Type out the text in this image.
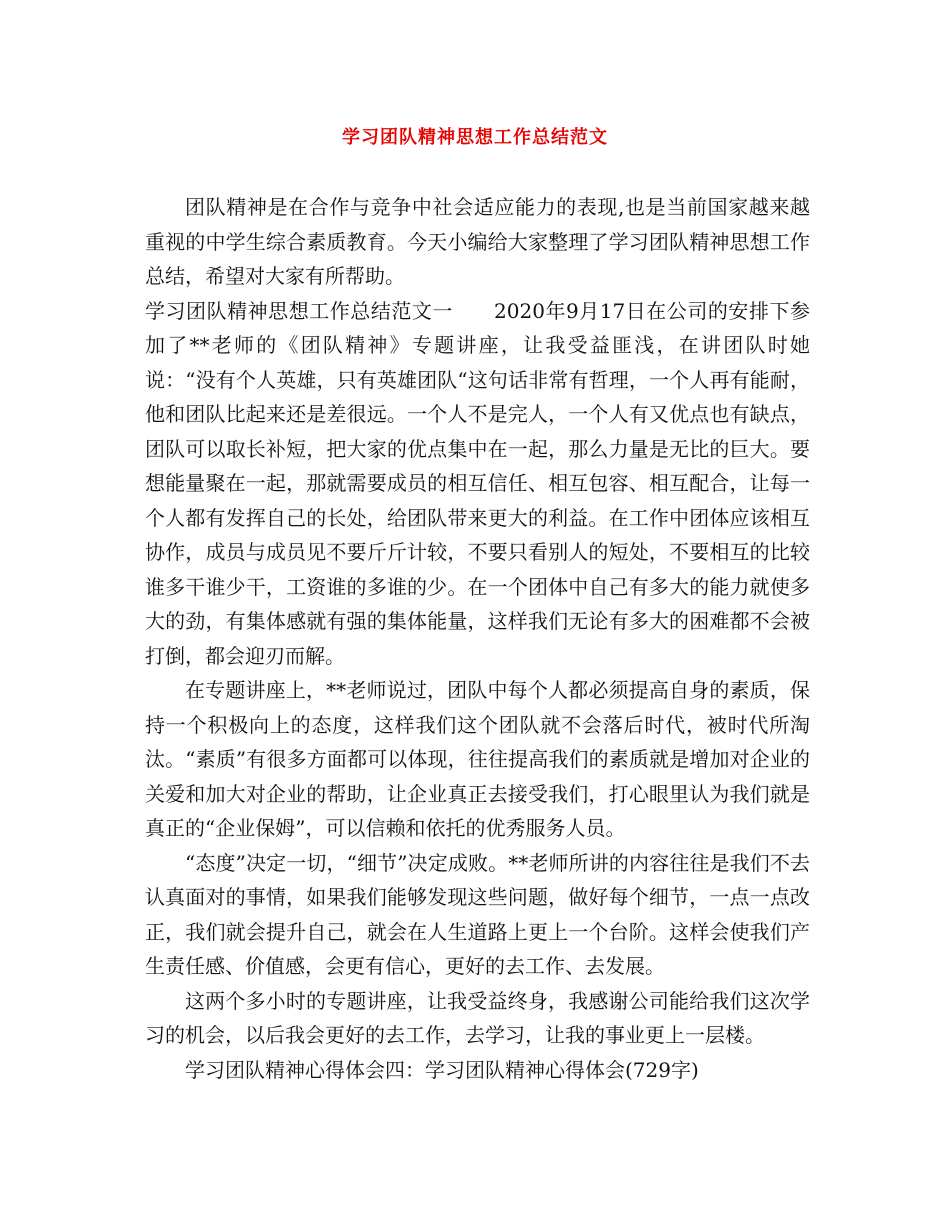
学习团队精神思想工作总结范文

团队精神是在合作与竞争中社会适应能力的表现,也是当前国家越来越重视的中学生综合素质教育。今天小编给大家整理了学习团队精神思想工作总结，希望对大家有所帮助。

学习团队精神思想工作总结范文一　　2020年9月17日在公司的安排下参加了**老师的《团队精神》专题讲座，让我受益匪浅，在讲团队时她说：“没有个人英雄，只有英雄团队“这句话非常有哲理，一个人再有能耐，他和团队比起来还是差很远。一个人不是完人，一个人有又优点也有缺点，团队可以取长补短，把大家的优点集中在一起，那么力量是无比的巨大。要想能量聚在一起，那就需要成员的相互信任、相互包容、相互配合，让每一个人都有发挥自己的长处，给团队带来更大的利益。在工作中团体应该相互协作，成员与成员见不要斤斤计较，不要只看别人的短处，不要相互的比较谁多干谁少干，工资谁的多谁的少。在一个团体中自己有多大的能力就使多大的劲，有集体感就有强的集体能量，这样我们无论有多大的困难都不会被打倒，都会迎刃而解。

在专题讲座上，**老师说过，团队中每个人都必须提高自身的素质，保持一个积极向上的态度，这样我们这个团队就不会落后时代，被时代所淘汰。“素质”有很多方面都可以体现，往往提高我们的素质就是增加对企业的关爱和加大对企业的帮助，让企业真正去接受我们，打心眼里认为我们就是真正的“企业保姆”，可以信赖和依托的优秀服务人员。

“态度”决定一切，“细节”决定成败。**老师所讲的内容往往是我们不去认真面对的事情，如果我们能够发现这些问题，做好每个细节，一点一点改正，我们就会提升自己，就会在人生道路上更上一个台阶。这样会使我们产生责任感、价值感，会更有信心，更好的去工作、去发展。

这两个多小时的专题讲座，让我受益终身，我感谢公司能给我们这次学习的机会，以后我会更好的去工作，去学习，让我的事业更上一层楼。

学习团队精神心得体会四：学习团队精神心得体会(729字)
